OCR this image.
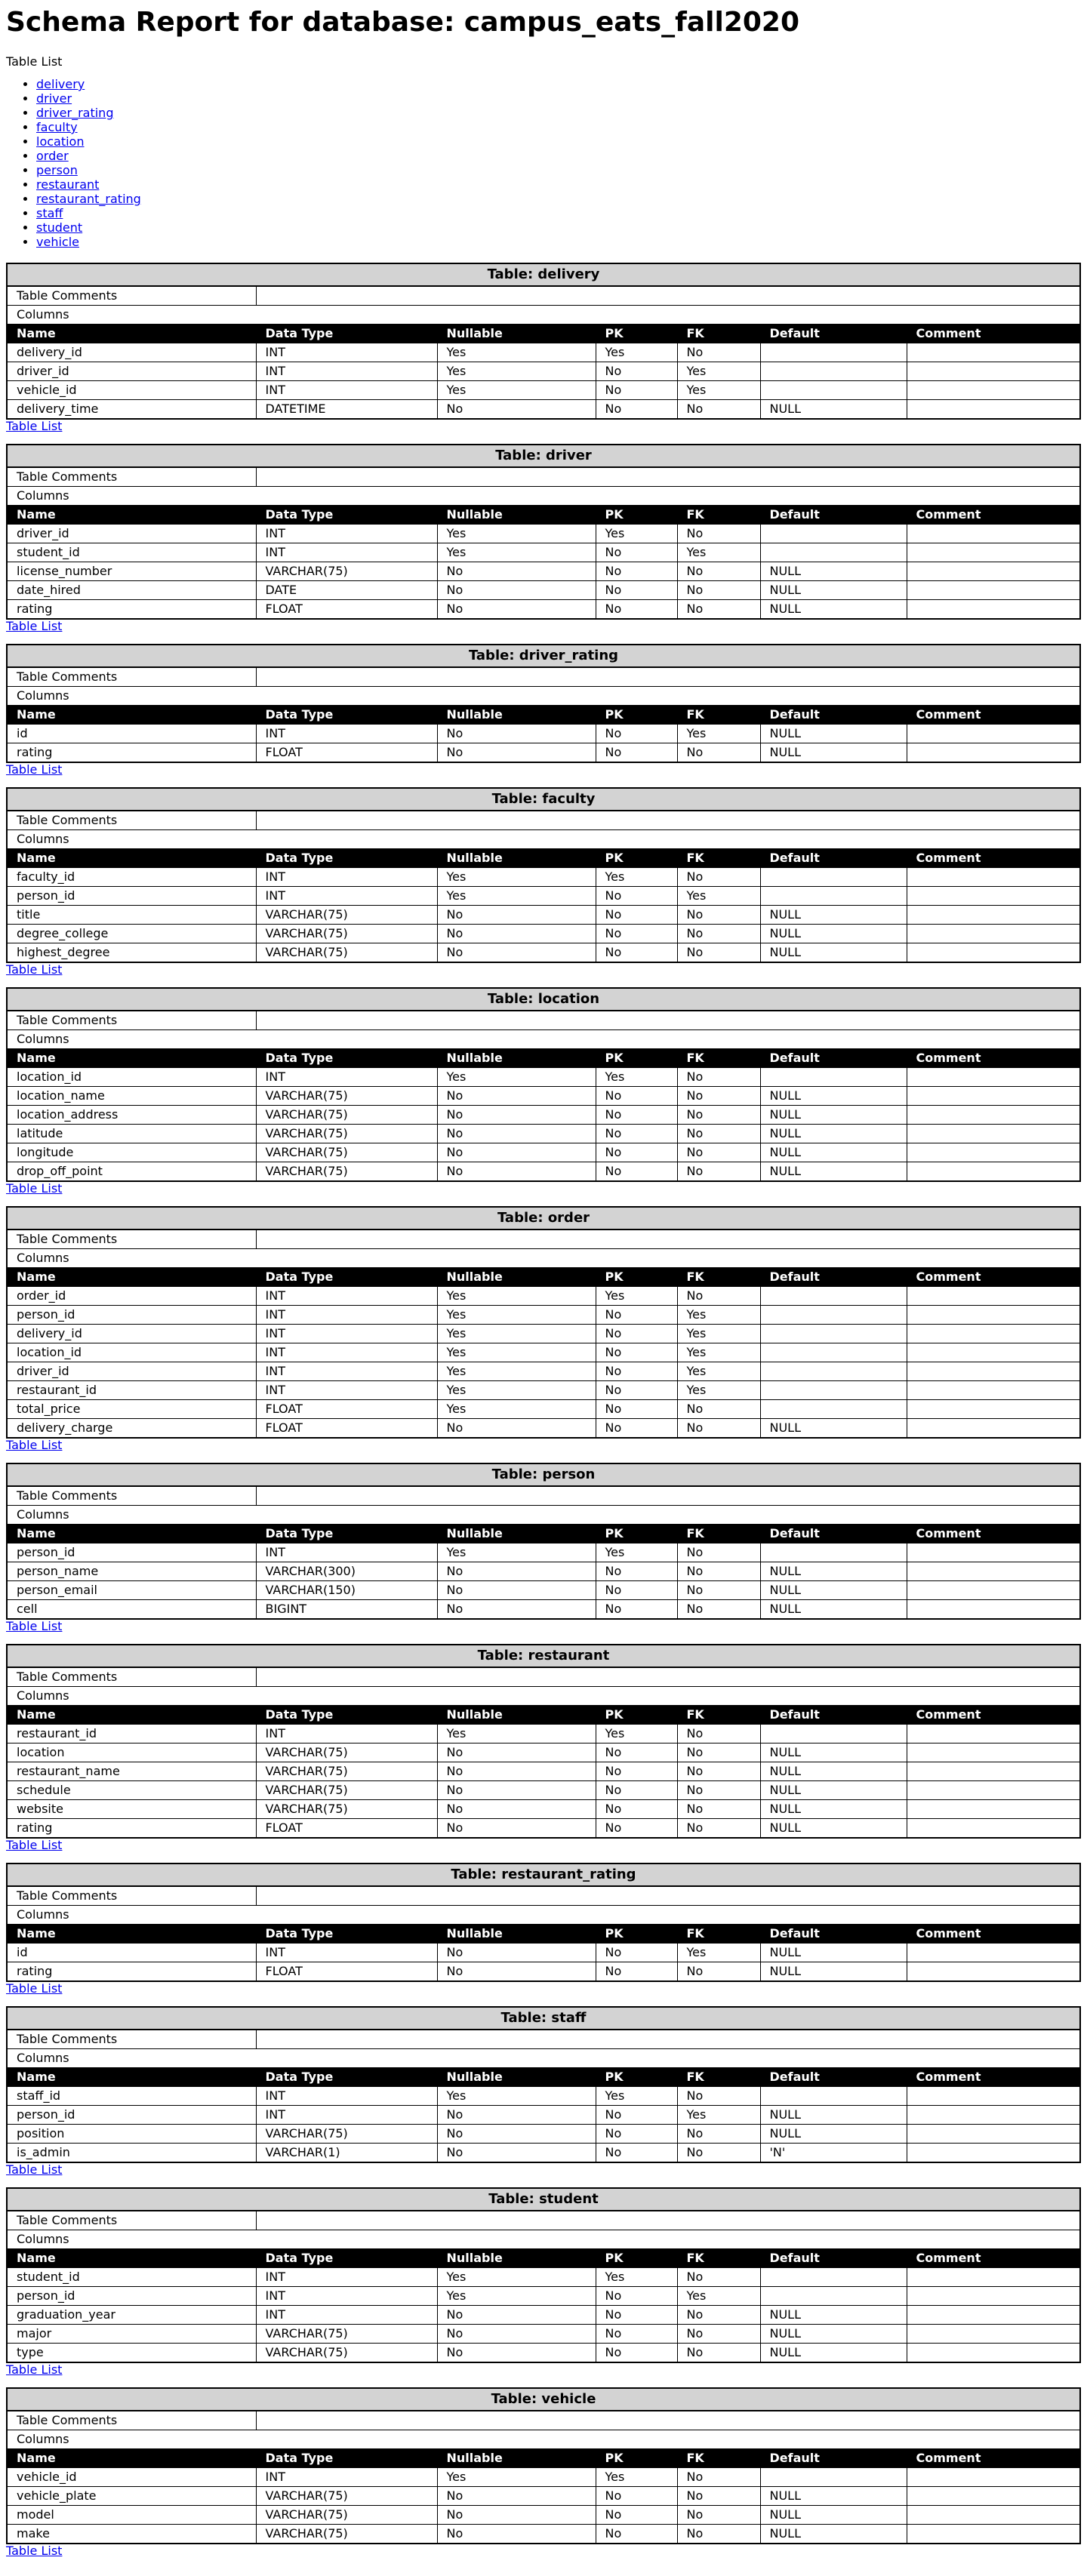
Schema Report for database: campus_eats_fall2020
Table List
• delivery
• driver
• driver_rating
• faculty
• location
• order
• person
• restaurant
• restaurant_rating
• staff
• student
• vehicle
Table: delivery						
Table Comments						
Columns						
Name	Data Type	Nullable	PK	FK	Default	Comment
delivery_id	INT	Yes	Yes	No		
driver_id	INT	Yes	No	Yes		
vehicle_id	INT	Yes	No	Yes		
delivery_time	DATETIME	No	No	No	NULL	
Table List
Table: driver						
Table Comments						
Columns						
Name	Data Type	Nullable	PK	FK	Default	Comment
driver_id	INT	Yes	Yes	No		
student_id	INT	Yes	No	Yes		
license_number	VARCHAR(75)	No	No	No	NULL	
date_hired	DATE	No	No	No	NULL	
rating	FLOAT	No	No	No	NULL	
Table List
Table: driver_rating						
Table Comments						
Columns						
Name	Data Type	Nullable	PK	FK	Default	Comment
id	INT	No	No	Yes	NULL	
rating	FLOAT	No	No	No	NULL	
Table List
Table: faculty						
Table Comments						
Columns						
Name	Data Type	Nullable	PK	FK	Default	Comment
faculty_id	INT	Yes	Yes	No		
person_id	INT	Yes	No	Yes		
title	VARCHAR(75)	No	No	No	NULL	
degree_college	VARCHAR(75)	No	No	No	NULL	
highest_degree	VARCHAR(75)	No	No	No	NULL	
Table List
Table: location						
Table Comments						
Columns						
Name	Data Type	Nullable	PK	FK	Default	Comment
location_id	INT	Yes	Yes	No		
location_name	VARCHAR(75)	No	No	No	NULL	
location_address	VARCHAR(75)	No	No	No	NULL	
latitude	VARCHAR(75)	No	No	No	NULL	
longitude	VARCHAR(75)	No	No	No	NULL	
drop_off_point	VARCHAR(75)	No	No	No	NULL	
Table List
Table: order						
Table Comments						
Columns						
Name	Data Type	Nullable	PK	FK	Default	Comment
order_id	INT	Yes	Yes	No		
person_id	INT	Yes	No	Yes		
delivery_id	INT	Yes	No	Yes		
location_id	INT	Yes	No	Yes		
driver_id	INT	Yes	No	Yes		
restaurant_id	INT	Yes	No	Yes		
total_price	FLOAT	Yes	No	No		
delivery_charge	FLOAT	No	No	No	NULL	
Table List
Table: person						
Table Comments						
Columns						
Name	Data Type	Nullable	PK	FK	Default	Comment
person_id	INT	Yes	Yes	No		
person_name	VARCHAR(300)	No	No	No	NULL	
person_email	VARCHAR(150)	No	No	No	NULL	
cell	BIGINT	No	No	No	NULL	
Table List
Table: restaurant						
Table Comments						
Columns						
Name	Data Type	Nullable	PK	FK	Default	Comment
restaurant_id	INT	Yes	Yes	No		
location	VARCHAR(75)	No	No	No	NULL	
restaurant_name	VARCHAR(75)	No	No	No	NULL	
schedule	VARCHAR(75)	No	No	No	NULL	
website	VARCHAR(75)	No	No	No	NULL	
rating	FLOAT	No	No	No	NULL	
Table List
Table: restaurant_rating						
Table Comments						
Columns						
Name	Data Type	Nullable	PK	FK	Default	Comment
id	INT	No	No	Yes	NULL	
rating	FLOAT	No	No	No	NULL	
Table List
Table: staff						
Table Comments						
Columns						
Name	Data Type	Nullable	PK	FK	Default	Comment
staff_id	INT	Yes	Yes	No		
person_id	INT	No	No	Yes	NULL	
position	VARCHAR(75)	No	No	No	NULL	
is_admin	VARCHAR(1)	No	No	No	'N'	
Table List
Table: student						
Table Comments						
Columns						
Name	Data Type	Nullable	PK	FK	Default	Comment
student_id	INT	Yes	Yes	No		
person_id	INT	Yes	No	Yes		
graduation_year	INT	No	No	No	NULL	
major	VARCHAR(75)	No	No	No	NULL	
type	VARCHAR(75)	No	No	No	NULL	
Table List
Table: vehicle						
Table Comments						
Columns						
Name	Data Type	Nullable	PK	FK	Default	Comment
vehicle_id	INT	Yes	Yes	No		
vehicle_plate	VARCHAR(75)	No	No	No	NULL	
model	VARCHAR(75)	No	No	No	NULL	
make	VARCHAR(75)	No	No	No	NULL	
Table List
